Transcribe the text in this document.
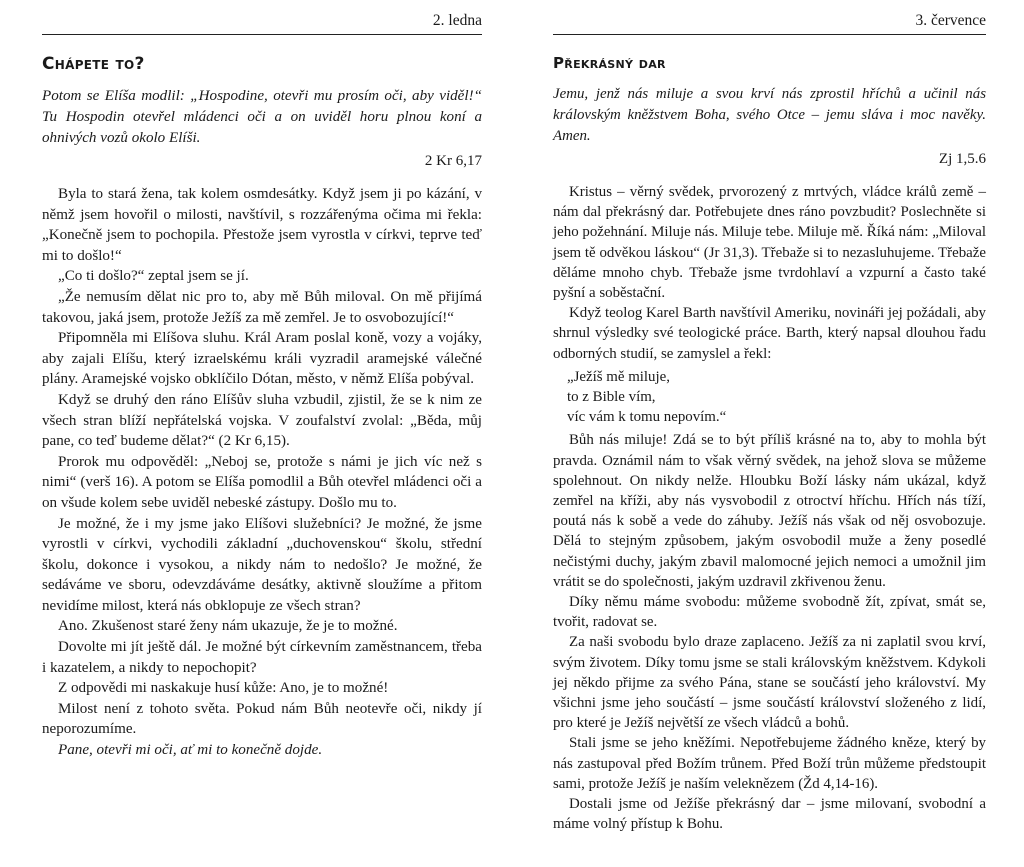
2. ledna
Chápete to?
Potom se Elíša modlil: „Hospodine, otevři mu prosím oči, aby viděl!“ Tu Hospodin otevřel mládenci oči a on uviděl horu plnou koní a ohnivých vozů okolo Elíši.
2 Kr 6,17

Byla to stará žena, tak kolem osmdesátky. Když jsem ji po kázání, v němž jsem hovořil o milosti, navštívil, s rozzářenýma očima mi řekla: „Konečně jsem to pochopila. Přestože jsem vyrostla v církvi, teprve teď mi to došlo!“

„Co ti došlo?“ zeptal jsem se jí.

„Že nemusím dělat nic pro to, aby mě Bůh miloval. On mě přijímá takovou, jaká jsem, protože Ježíš za mě zemřel. Je to osvobozující!“

Připomněla mi Elíšova sluhu. Král Aram poslal koně, vozy a vojáky, aby zajali Elíšu, který izraelskému králi vyzradil aramejské válečné plány. Aramejské vojsko obklíčilo Dótan, město, v němž Elíša pobýval.

Když se druhý den ráno Elíšův sluha vzbudil, zjistil, že se k nim ze všech stran blíží nepřátelská vojska. V zoufalství zvolal: „Běda, můj pane, co teď budeme dělat?“ (2 Kr 6,15).

Prorok mu odpověděl: „Neboj se, protože s námi je jich víc než s nimi“ (verš 16). A potom se Elíša pomodlil a Bůh otevřel mládenci oči a on všude kolem sebe uviděl nebeské zástupy. Došlo mu to.

Je možné, že i my jsme jako Elíšovi služebníci? Je možné, že jsme vyrostli v církvi, vychodili základní „duchovenskou“ školu, střední školu, dokonce i vysokou, a nikdy nám to nedošlo? Je možné, že sedáváme ve sboru, odevzdáváme desátky, aktivně sloužíme a přitom nevidíme milost, která nás obklopuje ze všech stran?

Ano. Zkušenost staré ženy nám ukazuje, že je to možné.

Dovolte mi jít ještě dál. Je možné být církevním zaměstnancem, třeba i kazatelem, a nikdy to nepochopit?

Z odpovědi mi naskakuje husí kůže: Ano, je to možné!

Milost není z tohoto světa. Pokud nám Bůh neotevře oči, nikdy jí neporozumíme.

Pane, otevři mi oči, ať mi to konečně dojde.

3. července
Překrásný dar
Jemu, jenž nás miluje a svou krví nás zprostil hříchů a učinil nás královským kněžstvem Boha, svého Otce – jemu sláva i moc navěky. Amen.
Zj 1,5.6

Kristus – věrný svědek, prvorozený z mrtvých, vládce králů země – nám dal překrásný dar. Potřebujete dnes ráno povzbudit? Poslechněte si jeho požehnání. Miluje nás. Miluje tebe. Miluje mě. Říká nám: „Miloval jsem tě odvěkou láskou“ (Jr 31,3). Třebaže si to nezasluhujeme. Třebaže děláme mnoho chyb. Třebaže jsme tvrdohlaví a vzpurní a často také pyšní a soběstační.

Když teolog Karel Barth navštívil Ameriku, novináři jej požádali, aby shrnul výsledky své teologické práce. Barth, který napsal dlouhou řadu odborných studií, se zamyslel a řekl:

„Ježíš mě miluje,
to z Bible vím,
víc vám k tomu nepovím.“

Bůh nás miluje! Zdá se to být příliš krásné na to, aby to mohla být pravda. Oznámil nám to však věrný svědek, na jehož slova se můžeme spolehnout. On nikdy nelže. Hloubku Boží lásky nám ukázal, když zemřel na kříži, aby nás vysvobodil z otroctví hříchu. Hřích nás tíží, poutá nás k sobě a vede do záhuby. Ježíš nás však od něj osvobozuje. Dělá to stejným způsobem, jakým osvobodil muže a ženy posedlé nečistými duchy, jakým zbavil malomocné jejich nemoci a umožnil jim vrátit se do společnosti, jakým uzdravil zkřivenou ženu.

Díky němu máme svobodu: můžeme svobodně žít, zpívat, smát se, tvořit, radovat se.

Za naši svobodu bylo draze zaplaceno. Ježíš za ni zaplatil svou krví, svým životem. Díky tomu jsme se stali královským kněžstvem. Kdykoli jej někdo přijme za svého Pána, stane se součástí jeho království. My všichni jsme jeho součástí – jsme součástí království složeného z lidí, pro které je Ježíš největší ze všech vládců a bohů.

Stali jsme se jeho kněžími. Nepotřebujeme žádného kněze, který by nás zastupoval před Božím trůnem. Před Boží trůn můžeme předstoupit sami, protože Ježíš je naším veleknězem (Žd 4,14-16).

Dostali jsme od Ježíše překrásný dar – jsme milovaní, svobodní a máme volný přístup k Bohu.
